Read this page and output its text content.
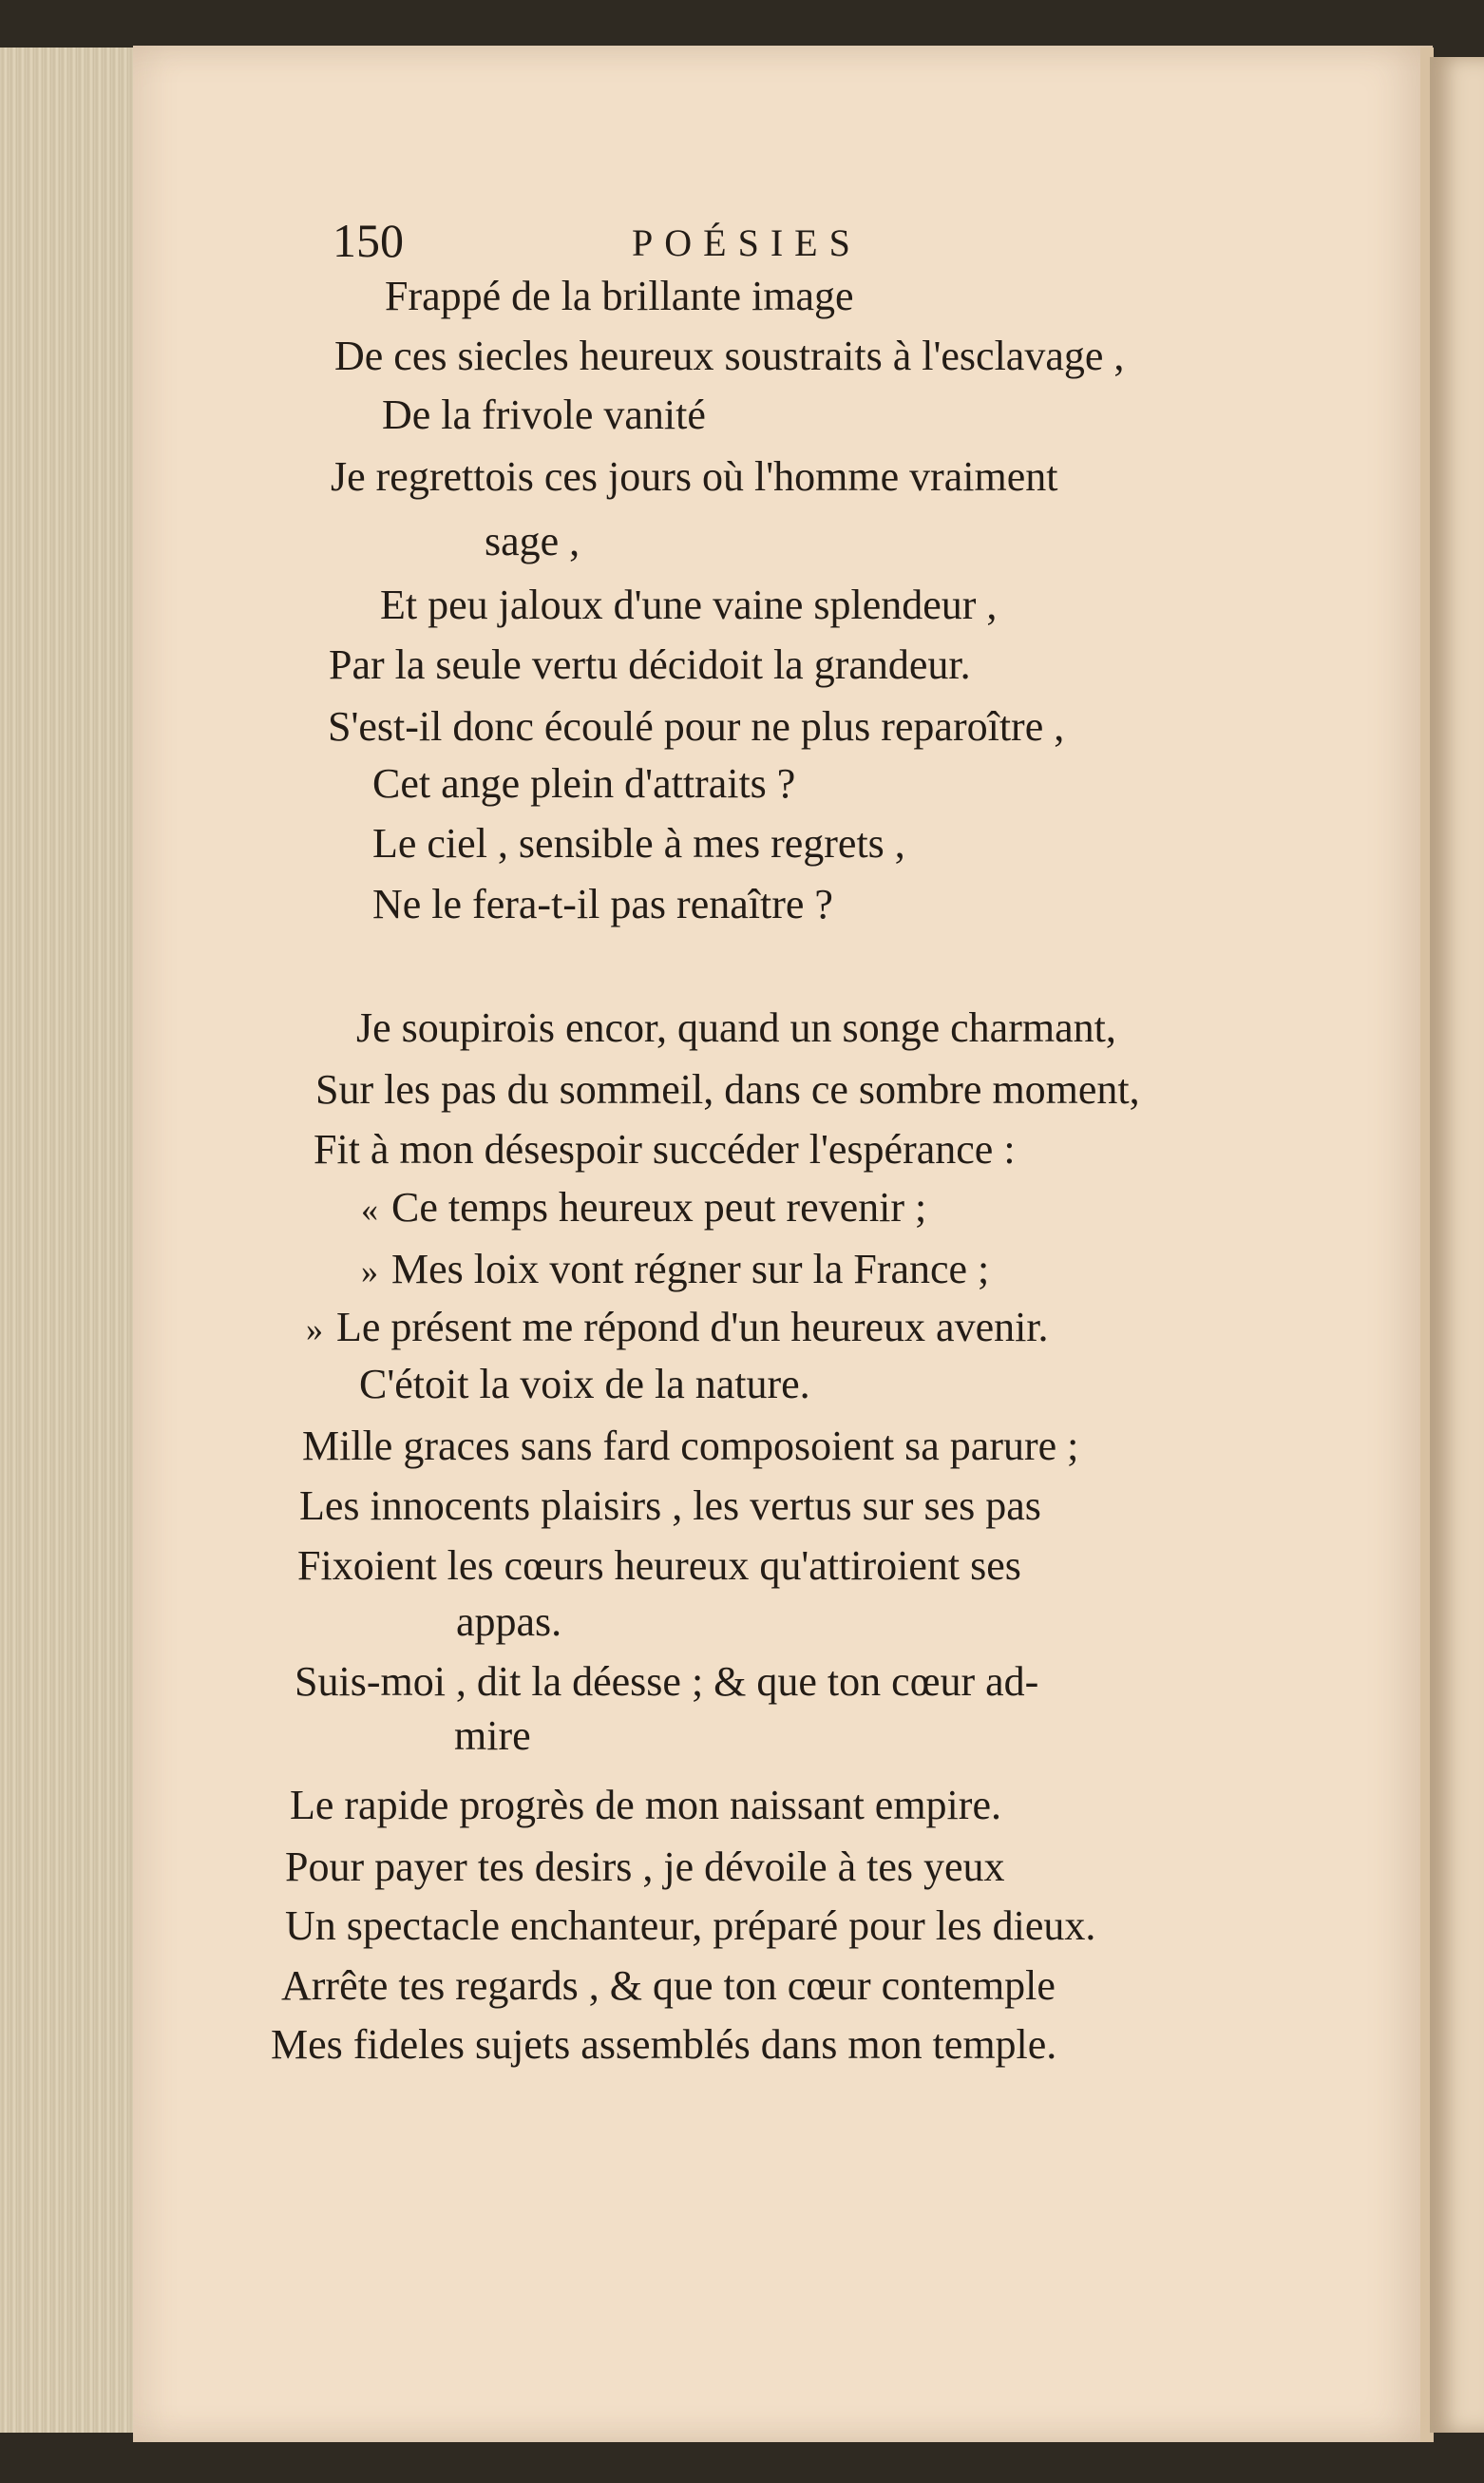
150	POÉSIES
Frappé de la brillante image
De ces siecles heureux soustraits à l'esclavage ,
De la frivole vanité
Je regrettois ces jours où l'homme vraiment
sage ,
Et peu jaloux d'une vaine splendeur ,
Par la seule vertu décidoit la grandeur.
S'est-il donc écoulé pour ne plus reparoître ,
Cet ange plein d'attraits ?
Le ciel , sensible à mes regrets ,
Ne le fera-t-il pas renaître ?
Je soupirois encor, quand un songe charmant,
Sur les pas du sommeil, dans ce sombre moment,
Fit à mon désespoir succéder l'espérance :
« Ce temps heureux peut revenir ;
» Mes loix vont régner sur la France ;
» Le présent me répond d'un heureux avenir.
C'étoit la voix de la nature.
Mille graces sans fard composoient sa parure ;
Les innocents plaisirs , les vertus sur ses pas
Fixoient les cœurs heureux qu'attiroient ses
appas.
Suis-moi , dit la déesse ; & que ton cœur ad-
mire
Le rapide progrès de mon naissant empire.
Pour payer tes desirs , je dévoile à tes yeux
Un spectacle enchanteur, préparé pour les dieux.
Arrête tes regards , & que ton cœur contemple
Mes fideles sujets assemblés dans mon temple.
